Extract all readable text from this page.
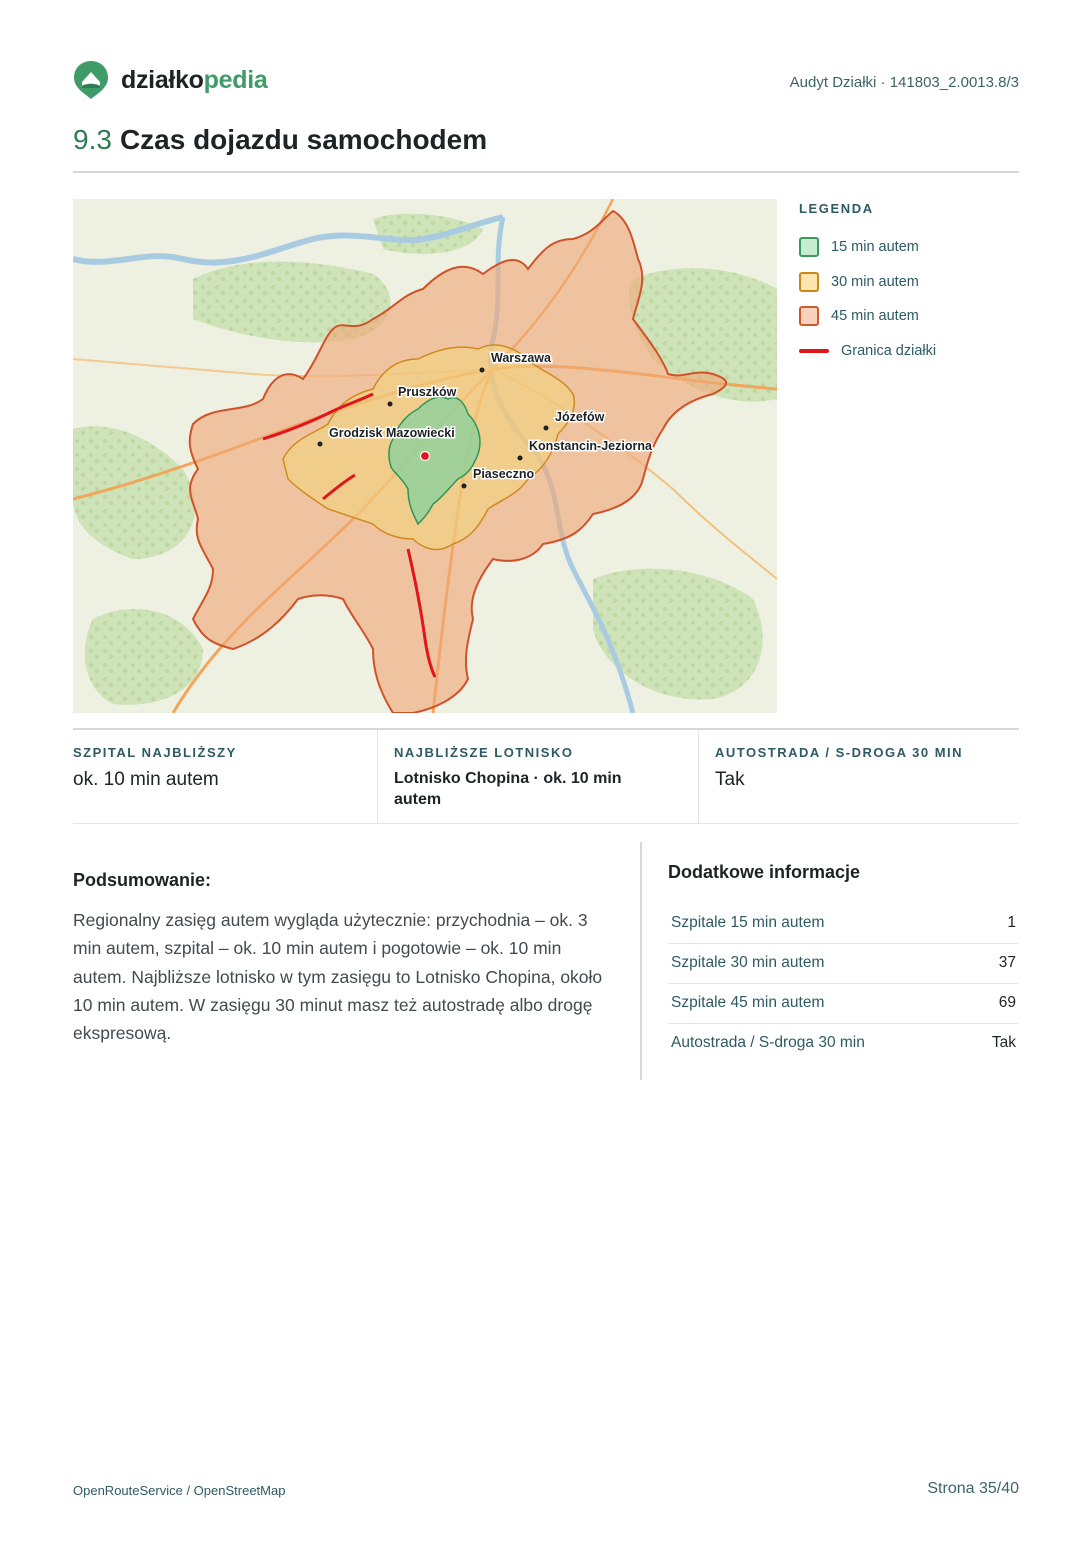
działkopedia	Audyt Działki · 141803_2.0013.8/3
9.3 Czas dojazdu samochodem
Warszawa
Pruszków
Józefów
Grodzisk Mazowiecki
Konstancin-Jeziorna
Piaseczno
LEGENDA
15 min autem
30 min autem
45 min autem
Granica działki
SZPITAL NAJBLIŻSZY
ok. 10 min autem
NAJBLIŻSZE LOTNISKO
Lotnisko Chopina · ok. 10 min autem
AUTOSTRADA / S-DROGA 30 MIN
Tak
Podsumowanie:

Regionalny zasięg autem wygląda użytecznie: przychodnia – ok. 3 min autem, szpital – ok. 10 min autem i pogotowie – ok. 10 min autem. Najbliższe lotnisko w tym zasięgu to Lotnisko Chopina, około 10 min autem. W zasięgu 30 minut masz też autostradę albo drogę ekspresową.

Dodatkowe informacje
Szpitale 15 min autem	1
Szpitale 30 min autem	37
Szpitale 45 min autem	69
Autostrada / S-droga 30 min	Tak
OpenRouteService / OpenStreetMap	Strona 35/40
